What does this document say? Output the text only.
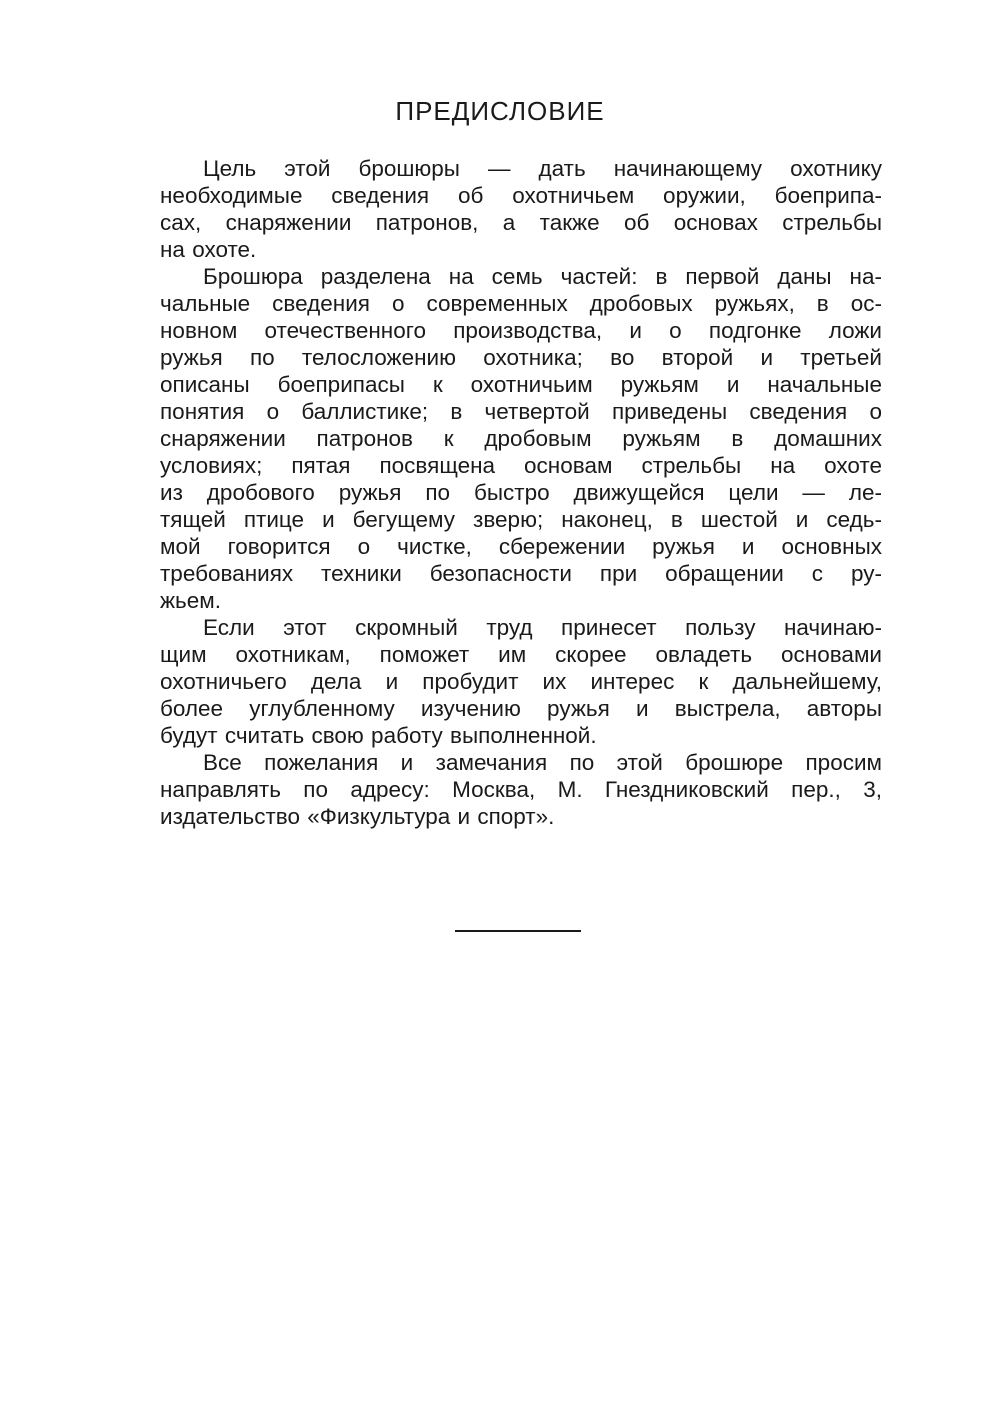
ПРЕДИСЛОВИЕ
Цель этой брошюры — дать начинающему охотнику
необходимые сведения об охотничьем оружии, боеприпа-
сах, снаряжении патронов, а также об основах стрельбы
на охоте.
Брошюра разделена на семь частей: в первой даны на-
чальные сведения о современных дробовых ружьях, в ос-
новном отечественного производства, и о подгонке ложи
ружья по телосложению охотника; во второй и третьей
описаны боеприпасы к охотничьим ружьям и начальные
понятия о баллистике; в четвертой приведены сведения о
снаряжении патронов к дробовым ружьям в домашних
условиях; пятая посвящена основам стрельбы на охоте
из дробового ружья по быстро движущейся цели — ле-
тящей птице и бегущему зверю; наконец, в шестой и седь-
мой говорится о чистке, сбережении ружья и основных
требованиях техники безопасности при обращении с ру-
жьем.
Если этот скромный труд принесет пользу начинаю-
щим охотникам, поможет им скорее овладеть основами
охотничьего дела и пробудит их интерес к дальнейшему,
более углубленному изучению ружья и выстрела, авторы
будут считать свою работу выполненной.
Все пожелания и замечания по этой брошюре просим
направлять по адресу: Москва, М. Гнездниковский пер., 3,
издательство «Физкультура и спорт».
